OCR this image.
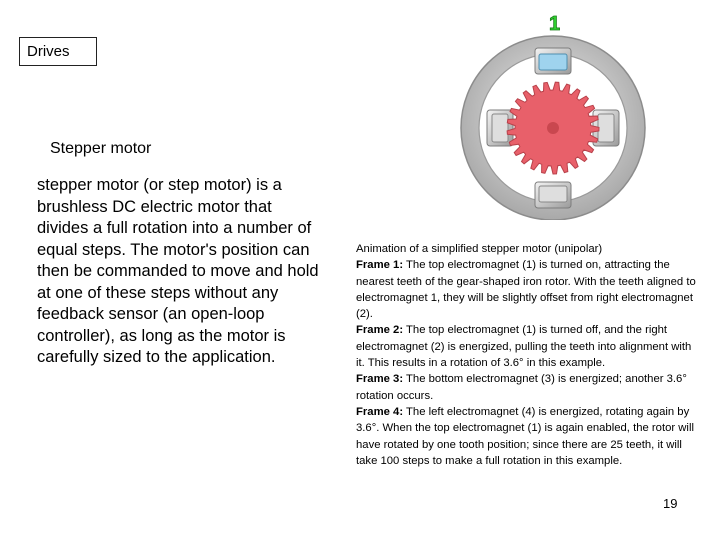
Drives
Stepper motor
stepper motor (or step motor) is a brushless DC electric motor that divides a full rotation into a number of equal steps. The motor's position can then be commanded to move and hold at one of these steps without any feedback sensor (an open-loop controller), as long as the motor is carefully sized to the application.
1

Animation of a simplified stepper motor (unipolar)

Frame 1: The top electromagnet (1) is turned on, attracting the nearest teeth of the gear-shaped iron rotor. With the teeth aligned to electromagnet 1, they will be slightly offset from right electromagnet (2).

Frame 2: The top electromagnet (1) is turned off, and the right electromagnet (2) is energized, pulling the teeth into alignment with it. This results in a rotation of 3.6° in this example.

Frame 3: The bottom electromagnet (3) is energized; another 3.6° rotation occurs.

Frame 4: The left electromagnet (4) is energized, rotating again by 3.6°. When the top electromagnet (1) is again enabled, the rotor will have rotated by one tooth position; since there are 25 teeth, it will take 100 steps to make a full rotation in this example.

19
